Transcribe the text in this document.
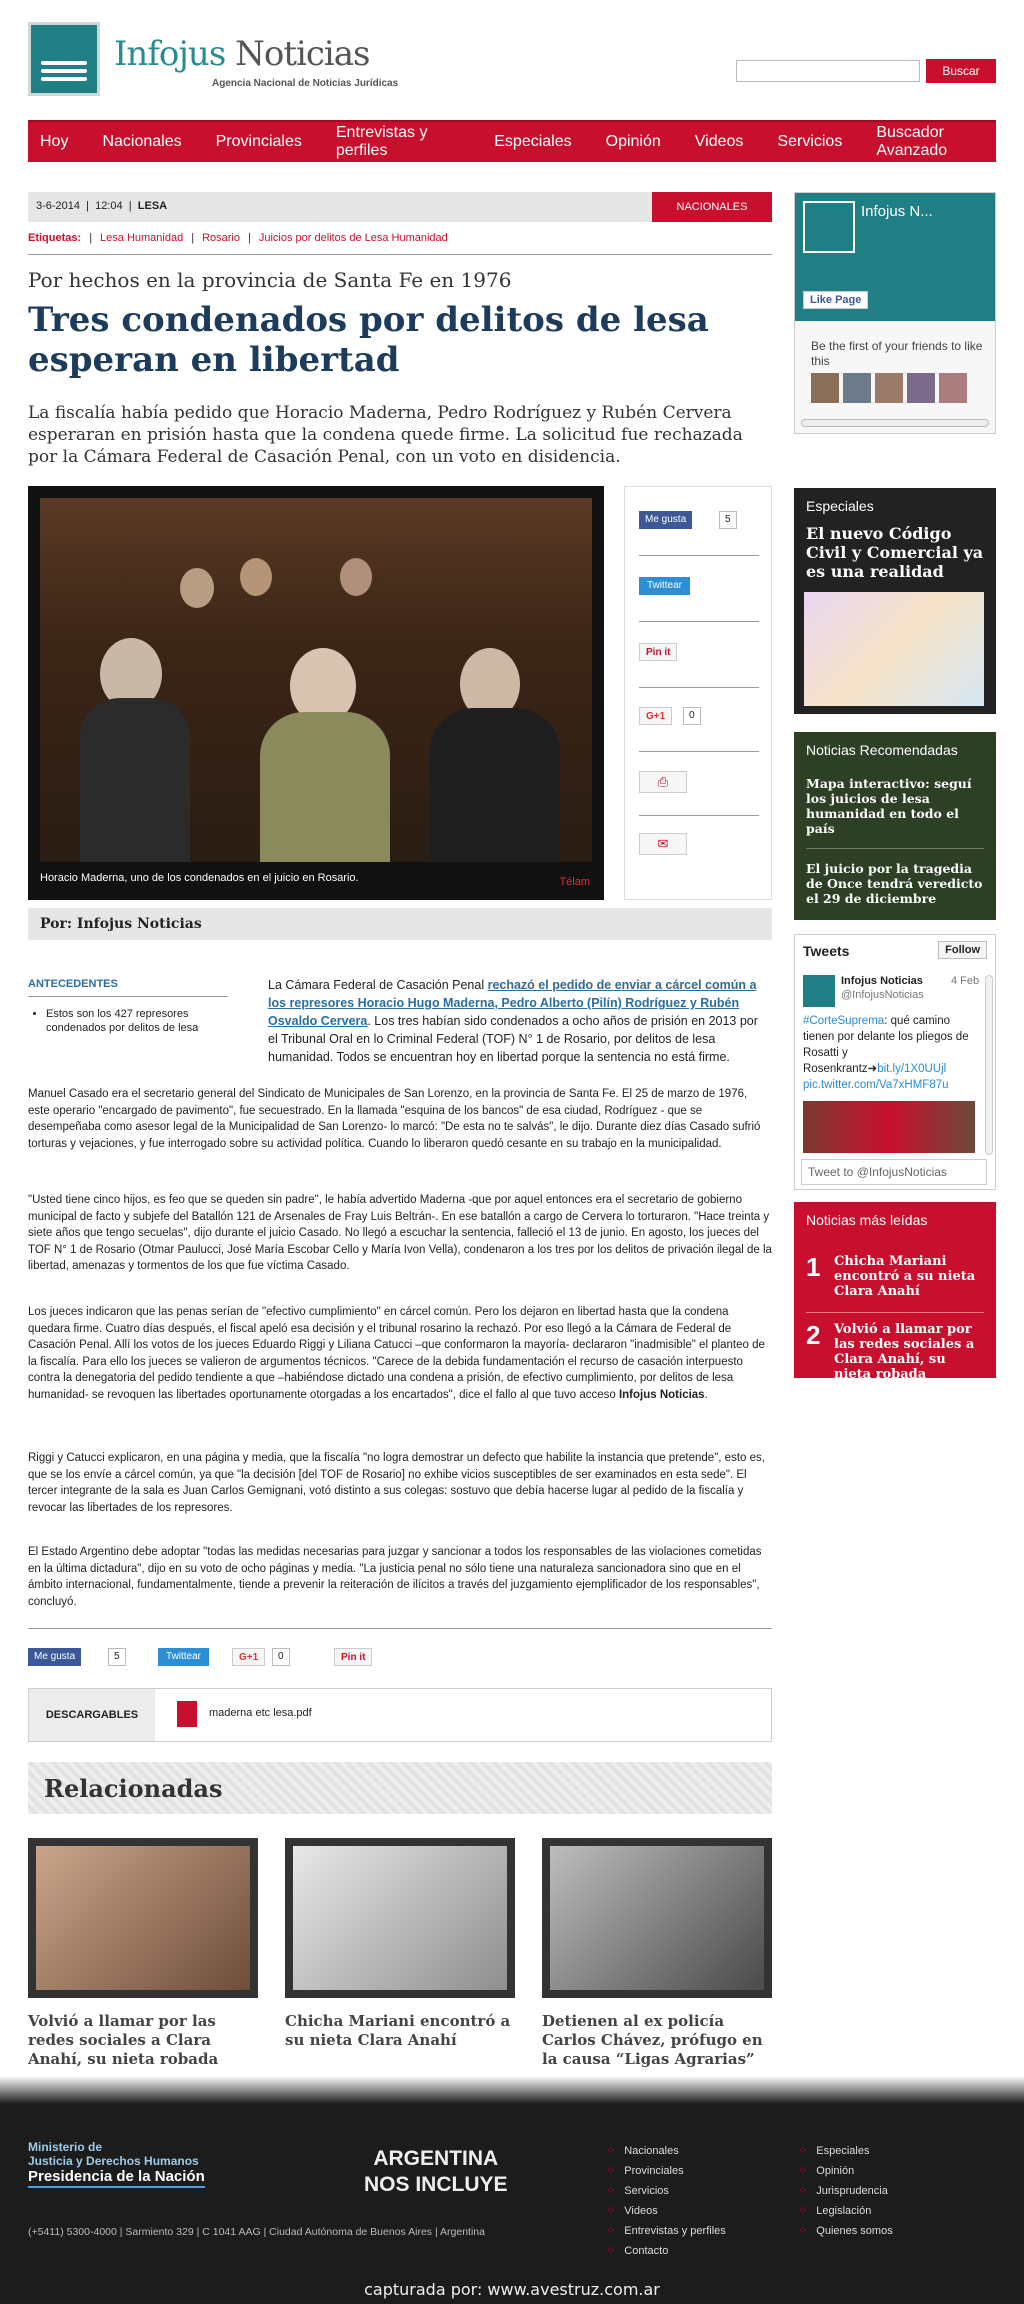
Infojus Noticias
Agencia Nacional de Noticias Jurídicas
Buscar
Hoy Nacionales Provinciales
Entrevistas y perfiles
Especiales Opinión Videos Servicios
Buscador Avanzado
3-6-2014  |  12:04  |  LESA	NACIONALES
Etiquetas: | Lesa Humanidad | Rosario | Juicios por delitos de Lesa Humanidad
Por hechos en la provincia de Santa Fe en 1976
Tres condenados por delitos de lesa esperan en libertad
La fiscalía había pedido que Horacio Maderna, Pedro Rodríguez y Rubén Cervera esperaran en prisión hasta que la condena quede firme. La solicitud fue rechazada por la Cámara Federal de Casación Penal, con un voto en disidencia.
Horacio Maderna, uno de los condenados en el juicio en Rosario.	Télam
Me gusta	5
Twittear
Pin it
G+1	0
⎙
✉
Por: Infojus Noticias
ANTECEDENTES
• Estos son los 427 represores condenados por delitos de lesa
La Cámara Federal de Casación Penal rechazó el pedido de enviar a cárcel común a los represores Horacio Hugo Maderna, Pedro Alberto (Pilín) Rodríguez y Rubén Osvaldo Cervera. Los tres habían sido condenados a ocho años de prisión en 2013 por el Tribunal Oral en lo Criminal Federal (TOF) N° 1 de Rosario, por delitos de lesa humanidad. Todos se encuentran hoy en libertad porque la sentencia no está firme.
Manuel Casado era el secretario general del Sindicato de Municipales de San Lorenzo, en la provincia de Santa Fe. El 25 de marzo de 1976, este operario "encargado de pavimento", fue secuestrado. En la llamada "esquina de los bancos" de esa ciudad, Rodríguez - que se desempeñaba como asesor legal de la Municipalidad de San Lorenzo- lo marcó: "De esta no te salvás", le dijo. Durante diez días Casado sufrió torturas y vejaciones, y fue interrogado sobre su actividad política. Cuando lo liberaron quedó cesante en su trabajo en la municipalidad.
"Usted tiene cinco hijos, es feo que se queden sin padre", le había advertido Maderna -que por aquel entonces era el secretario de gobierno municipal de facto y subjefe del Batallón 121 de Arsenales de Fray Luis Beltrán-. En ese batallón a cargo de Cervera lo torturaron. "Hace treinta y siete años que tengo secuelas", dijo durante el juicio Casado. No llegó a escuchar la sentencia, falleció el 13 de junio. En agosto, los jueces del TOF N° 1 de Rosario (Otmar Paulucci, José María Escobar Cello y María Ivon Vella), condenaron a los tres por los delitos de privación ilegal de la libertad, amenazas y tormentos de los que fue víctima Casado.
Los jueces indicaron que las penas serían de "efectivo cumplimiento" en cárcel común. Pero los dejaron en libertad hasta que la condena quedara firme. Cuatro días después, el fiscal apeló esa decisión y el tribunal rosarino la rechazó. Por eso llegó a la Cámara de Federal de Casación Penal. Allí los votos de los jueces Eduardo Riggi y Liliana Catucci –que conformaron la mayoría- declararon "inadmisible" el planteo de la fiscalía. Para ello los jueces se valieron de argumentos técnicos. "Carece de la debida fundamentación el recurso de casación interpuesto contra la denegatoria del pedido tendiente a que –habiéndose dictado una condena a prisión, de efectivo cumplimiento, por delitos de lesa humanidad- se revoquen las libertades oportunamente otorgadas a los encartados", dice el fallo al que tuvo acceso Infojus Noticias.
Riggi y Catucci explicaron, en una página y media, que la fiscalía "no logra demostrar un defecto que habilite la instancia que pretende", esto es, que se los envíe a cárcel común, ya que "la decisión [del TOF de Rosario] no exhibe vicios susceptibles de ser examinados en esta sede". El tercer integrante de la sala es Juan Carlos Gemignani, votó distinto a sus colegas: sostuvo que debía hacerse lugar al pedido de la fiscalía y revocar las libertades de los represores.
El Estado Argentino debe adoptar "todas las medidas necesarias para juzgar y sancionar a todos los responsables de las violaciones cometidas en la última dictadura", dijo en su voto de ocho páginas y media. "La justicia penal no sólo tiene una naturaleza sancionadora sino que en el ámbito internacional, fundamentalmente, tiende a prevenir la reiteración de ilícitos a través del juzgamiento ejemplificador de los responsables", concluyó.
Me gusta	5	Twittear	G+1	0	Pin it
DESCARGABLES	maderna etc lesa.pdf
Relacionadas
Volvió a llamar por las redes sociales a Clara Anahí, su nieta robada
Chicha Mariani encontró a su nieta Clara Anahí
Detienen al ex policía Carlos Chávez, prófugo en la causa “Ligas Agrarias”
Infojus N...
Like Page
Be the first of your friends to like this
Especiales
El nuevo Código Civil y Comercial ya es una realidad
Noticias Recomendadas
Mapa interactivo: seguí los juicios de lesa humanidad en todo el país
El juicio por la tragedia de Once tendrá veredicto el 29 de diciembre
Tweets	Follow
Infojus Noticias	4 Feb
@InfojusNoticias
#CorteSuprema: qué camino tienen por delante los pliegos de Rosatti y Rosenkrantz➜bit.ly/1X0UUjl pic.twitter.com/Va7xHMF87u
Tweet to @InfojusNoticias
Noticias más leídas
1 Chicha Mariani encontró a su nieta Clara Anahí
2 Volvió a llamar por las redes sociales a Clara Anahí, su nieta robada
Ministerio de
Justicia y Derechos Humanos
Presidencia de la Nación
ARGENTINA
NOS INCLUYE
(+5411) 5300-4000 | Sarmiento 329 | C 1041 AAG | Ciudad Autónoma de Buenos Aires | Argentina
⁘ Nacionales
⁘ Provinciales
⁘ Servicios
⁘ Videos
⁘ Entrevistas y perfiles
⁘ Contacto
⁘ Especiales
⁘ Opinión
⁘ Jurisprudencia
⁘ Legislación
⁘ Quienes somos
capturada por: www.avestruz.com.ar
